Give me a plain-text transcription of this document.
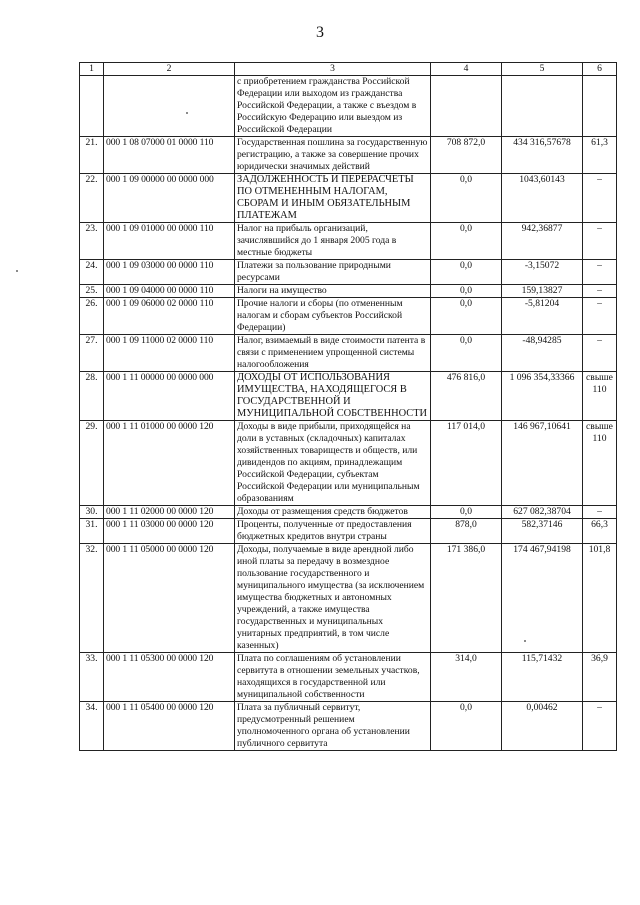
3
1	2	3	4	5	6
		с приобретением гражданства Российской Федерации или выходом из гражданства Российской Федерации, а также с въездом в Российскую Федерацию или выездом из Российской Федерации			
21.	000 1 08 07000 01 0000 110	Государственная пошлина за государственную регистрацию, а также за совершение прочих юридически значимых действий	708 872,0	434 316,57678	61,3
22.	000 1 09 00000 00 0000 000	ЗАДОЛЖЕННОСТЬ И ПЕРЕРАСЧЕТЫ ПО ОТМЕНЕННЫМ НАЛОГАМ, СБОРАМ И ИНЫМ ОБЯЗАТЕЛЬНЫМ ПЛАТЕЖАМ	0,0	1043,60143	–
23.	000 1 09 01000 00 0000 110	Налог на прибыль организаций, зачислявшийся до 1 января 2005 года в местные бюджеты	0,0	942,36877	–
24.	000 1 09 03000 00 0000 110	Платежи за пользование природными ресурсами	0,0	-3,15072	–
25.	000 1 09 04000 00 0000 110	Налоги на имущество	0,0	159,13827	–
26.	000 1 09 06000 02 0000 110	Прочие налоги и сборы (по отмененным налогам и сборам субъектов Российской Федерации)	0,0	-5,81204	–
27.	000 1 09 11000 02 0000 110	Налог, взимаемый в виде стоимости патента в связи с применением упрощенной системы налогообложения	0,0	-48,94285	–
28.	000 1 11 00000 00 0000 000	ДОХОДЫ ОТ ИСПОЛЬЗОВАНИЯ ИМУЩЕСТВА, НАХОДЯЩЕГОСЯ В ГОСУДАРСТВЕННОЙ И МУНИЦИПАЛЬНОЙ СОБСТВЕННОСТИ	476 816,0	1 096 354,33366	свыше 110
29.	000 1 11 01000 00 0000 120	Доходы в виде прибыли, приходящейся на доли в уставных (складочных) капиталах хозяйственных товариществ и обществ, или дивидендов по акциям, принадлежащим Российской Федерации, субъектам Российской Федерации или муниципальным образованиям	117 014,0	146 967,10641	свыше 110
30.	000 1 11 02000 00 0000 120	Доходы от размещения средств бюджетов	0,0	627 082,38704	–
31.	000 1 11 03000 00 0000 120	Проценты, полученные от предоставления бюджетных кредитов внутри страны	878,0	582,37146	66,3
32.	000 1 11 05000 00 0000 120	Доходы, получаемые в виде арендной либо иной платы за передачу в возмездное пользование государственного и муниципального имущества (за исключением имущества бюджетных и автономных учреждений, а также имущества государственных и муниципальных унитарных предприятий, в том числе казенных)	171 386,0	174 467,94198	101,8
33.	000 1 11 05300 00 0000 120	Плата по соглашениям об установлении сервитута в отношении земельных участков, находящихся в государственной или муниципальной собственности	314,0	115,71432	36,9
34.	000 1 11 05400 00 0000 120	Плата за публичный сервитут, предусмотренный решением уполномоченного органа об установлении публичного сервитута	0,0	0,00462	–
